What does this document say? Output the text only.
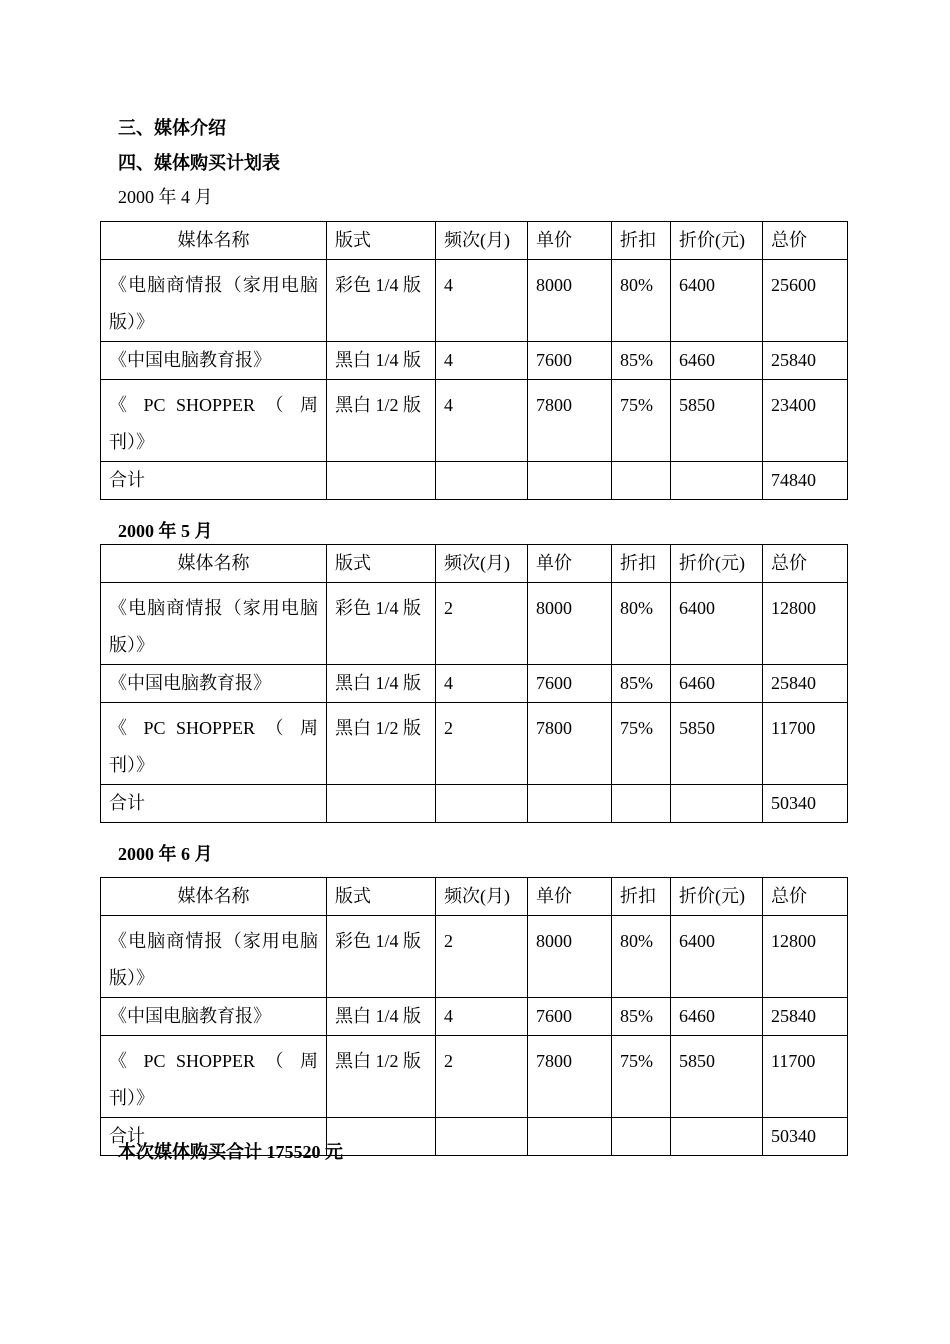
三、媒体介绍
四、媒体购买计划表
2000 年 4 月
媒体名称	版式	频次(月)	单价	折扣	折价(元)	总价
《电脑商情报（家用电脑版）》	彩色 1/4 版	4	8000	80%	6400	25600
《中国电脑教育报》	黑白 1/4 版	4	7600	85%	6460	25840
《 PC SHOPPER （ 周刊）》	黑白 1/2 版	4	7800	75%	5850	23400
合计						74840
2000 年 5 月
媒体名称	版式	频次(月)	单价	折扣	折价(元)	总价
《电脑商情报（家用电脑版）》	彩色 1/4 版	2	8000	80%	6400	12800
《中国电脑教育报》	黑白 1/4 版	4	7600	85%	6460	25840
《 PC SHOPPER （ 周刊）》	黑白 1/2 版	2	7800	75%	5850	11700
合计						50340
2000 年 6 月
媒体名称	版式	频次(月)	单价	折扣	折价(元)	总价
《电脑商情报（家用电脑版）》	彩色 1/4 版	2	8000	80%	6400	12800
《中国电脑教育报》	黑白 1/4 版	4	7600	85%	6460	25840
《 PC SHOPPER （ 周刊）》	黑白 1/2 版	2	7800	75%	5850	11700
合计						50340
本次媒体购买合计 175520 元
